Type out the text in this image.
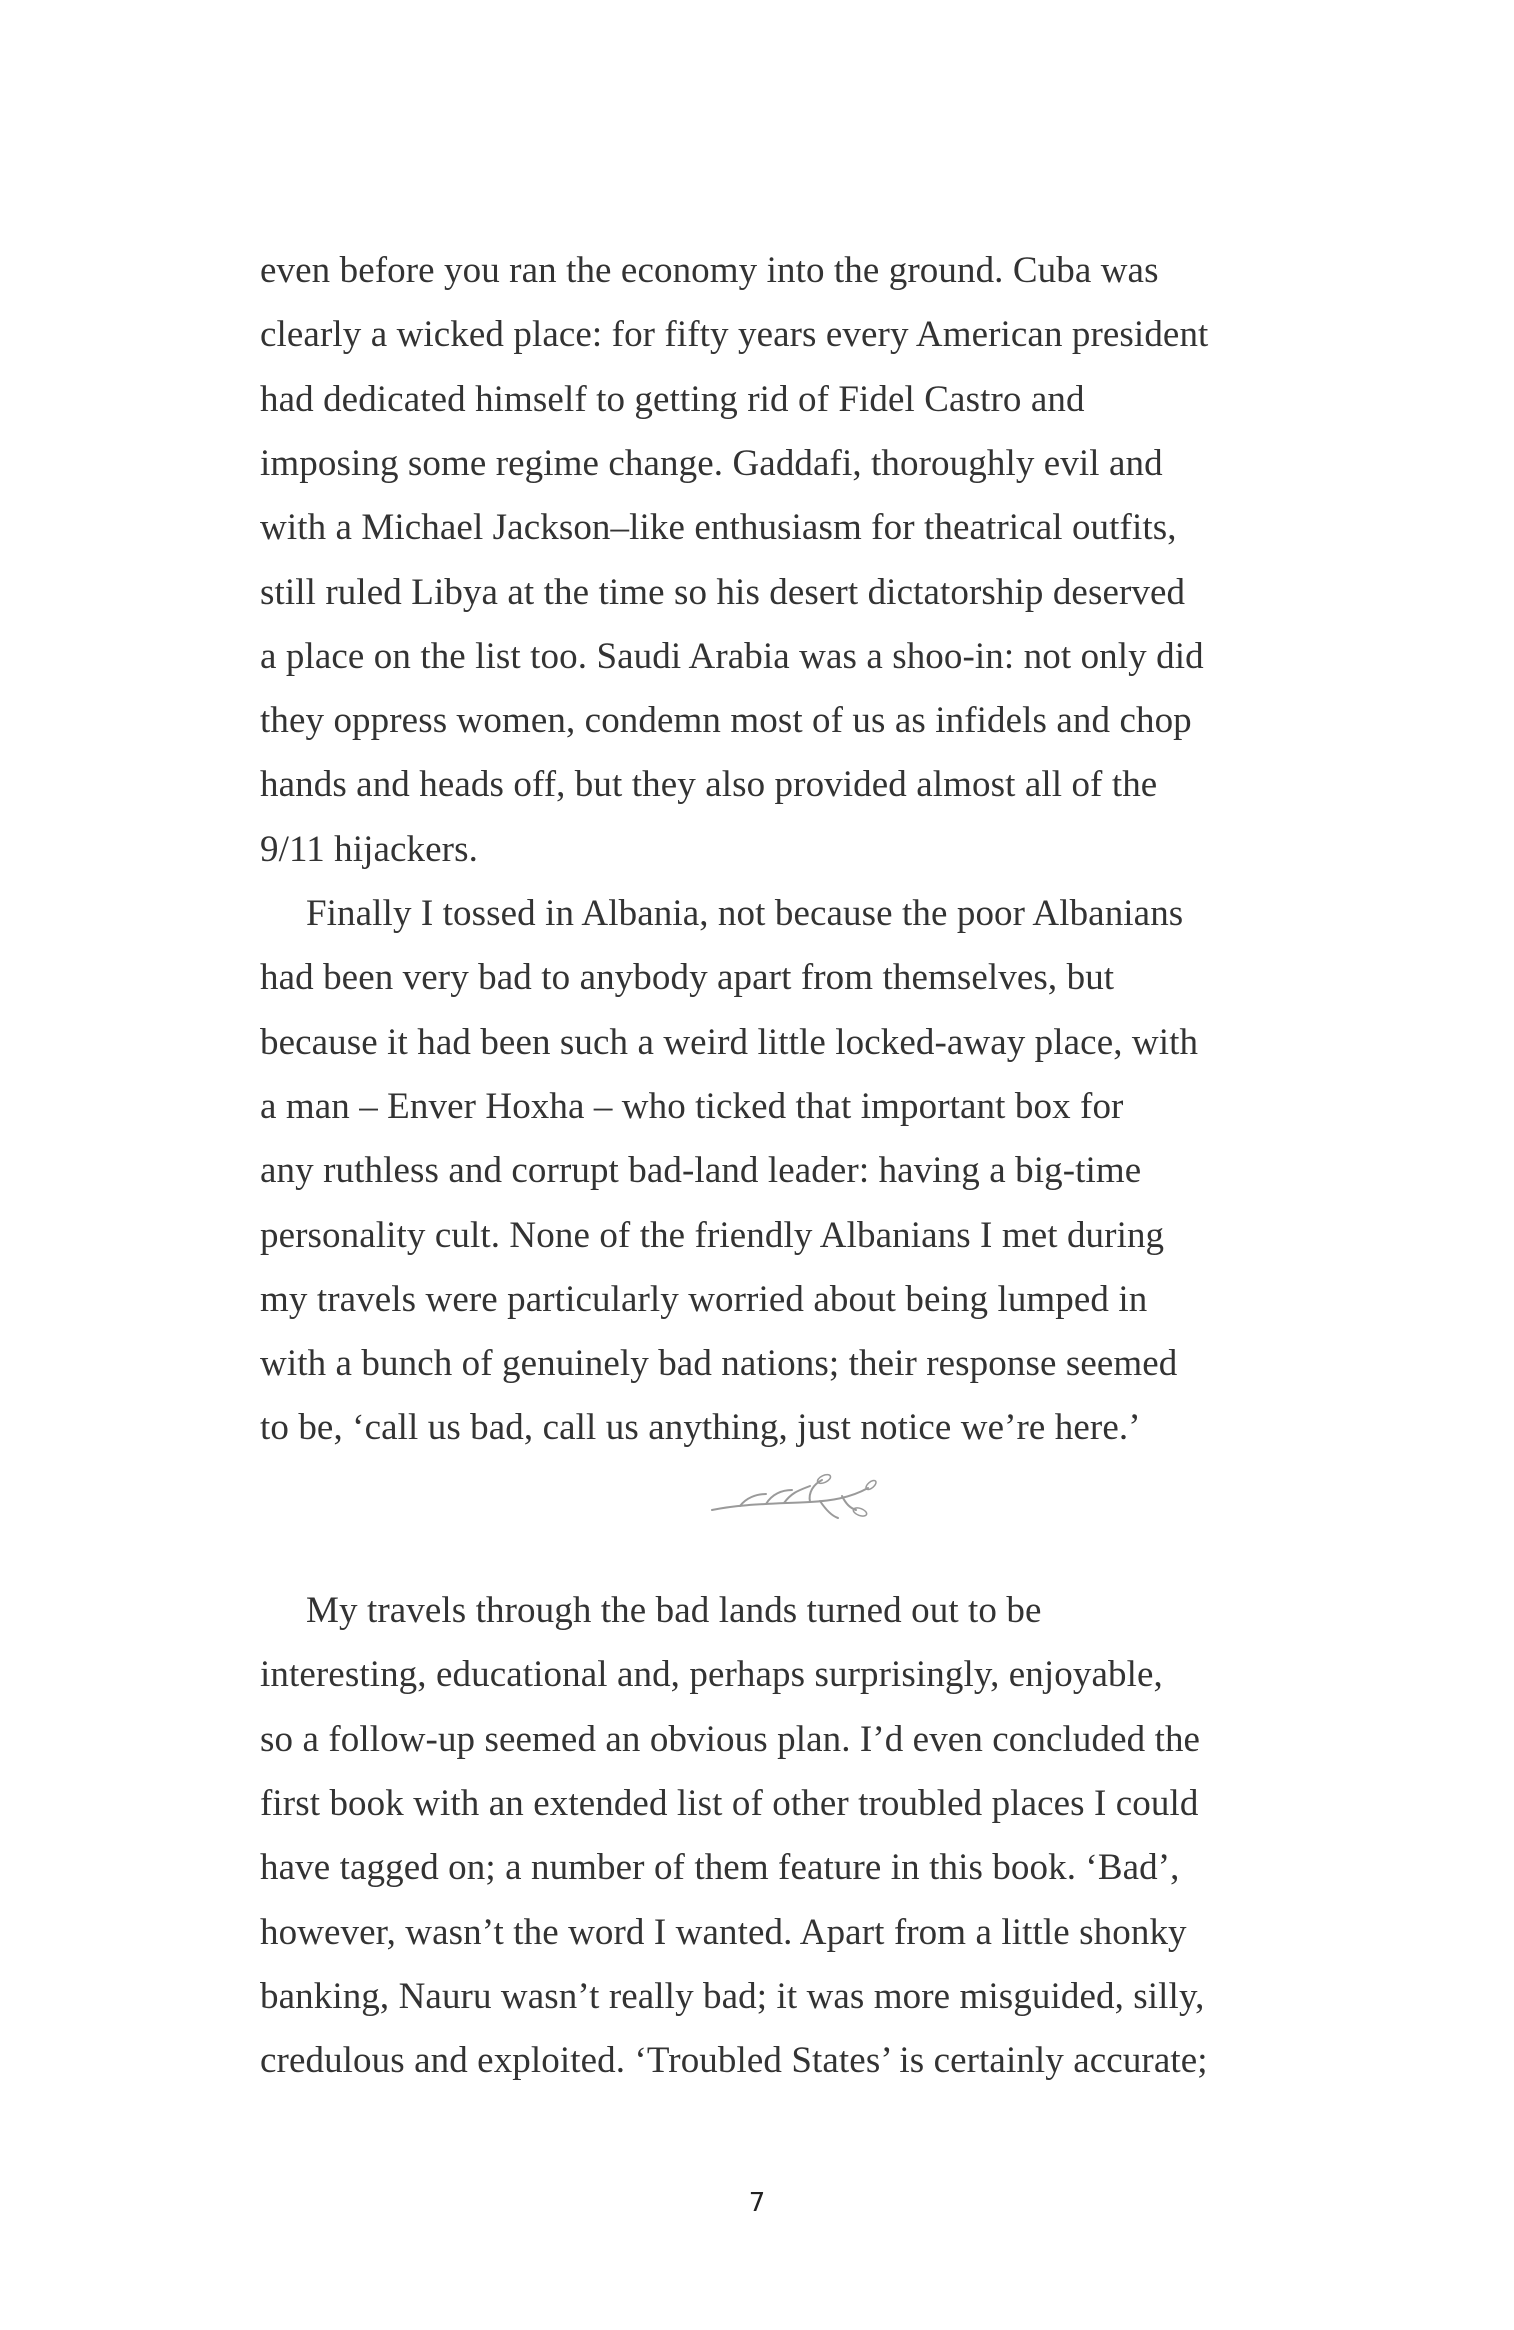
even before you ran the economy into the ground. Cuba was
clearly a wicked place: for fifty years every American president
had dedicated himself to getting rid of Fidel Castro and
imposing some regime change. Gaddafi, thoroughly evil and
with a Michael Jackson–like enthusiasm for theatrical outfits,
still ruled Libya at the time so his desert dictatorship deserved
a place on the list too. Saudi Arabia was a shoo-in: not only did
they oppress women, condemn most of us as infidels and chop
hands and heads off, but they also provided almost all of the
9/11 hijackers.
Finally I tossed in Albania, not because the poor Albanians
had been very bad to anybody apart from themselves, but
because it had been such a weird little locked-away place, with
a man – Enver Hoxha – who ticked that important box for
any ruthless and corrupt bad-land leader: having a big-time
personality cult. None of the friendly Albanians I met during
my travels were particularly worried about being lumped in
with a bunch of genuinely bad nations; their response seemed
to be, ‘call us bad, call us anything, just notice we’re here.’
My travels through the bad lands turned out to be
interesting, educational and, perhaps surprisingly, enjoyable,
so a follow-up seemed an obvious plan. I’d even concluded the
first book with an extended list of other troubled places I could
have tagged on; a number of them feature in this book. ‘Bad’,
however, wasn’t the word I wanted. Apart from a little shonky
banking, Nauru wasn’t really bad; it was more misguided, silly,
credulous and exploited. ‘Troubled States’ is certainly accurate;
7
